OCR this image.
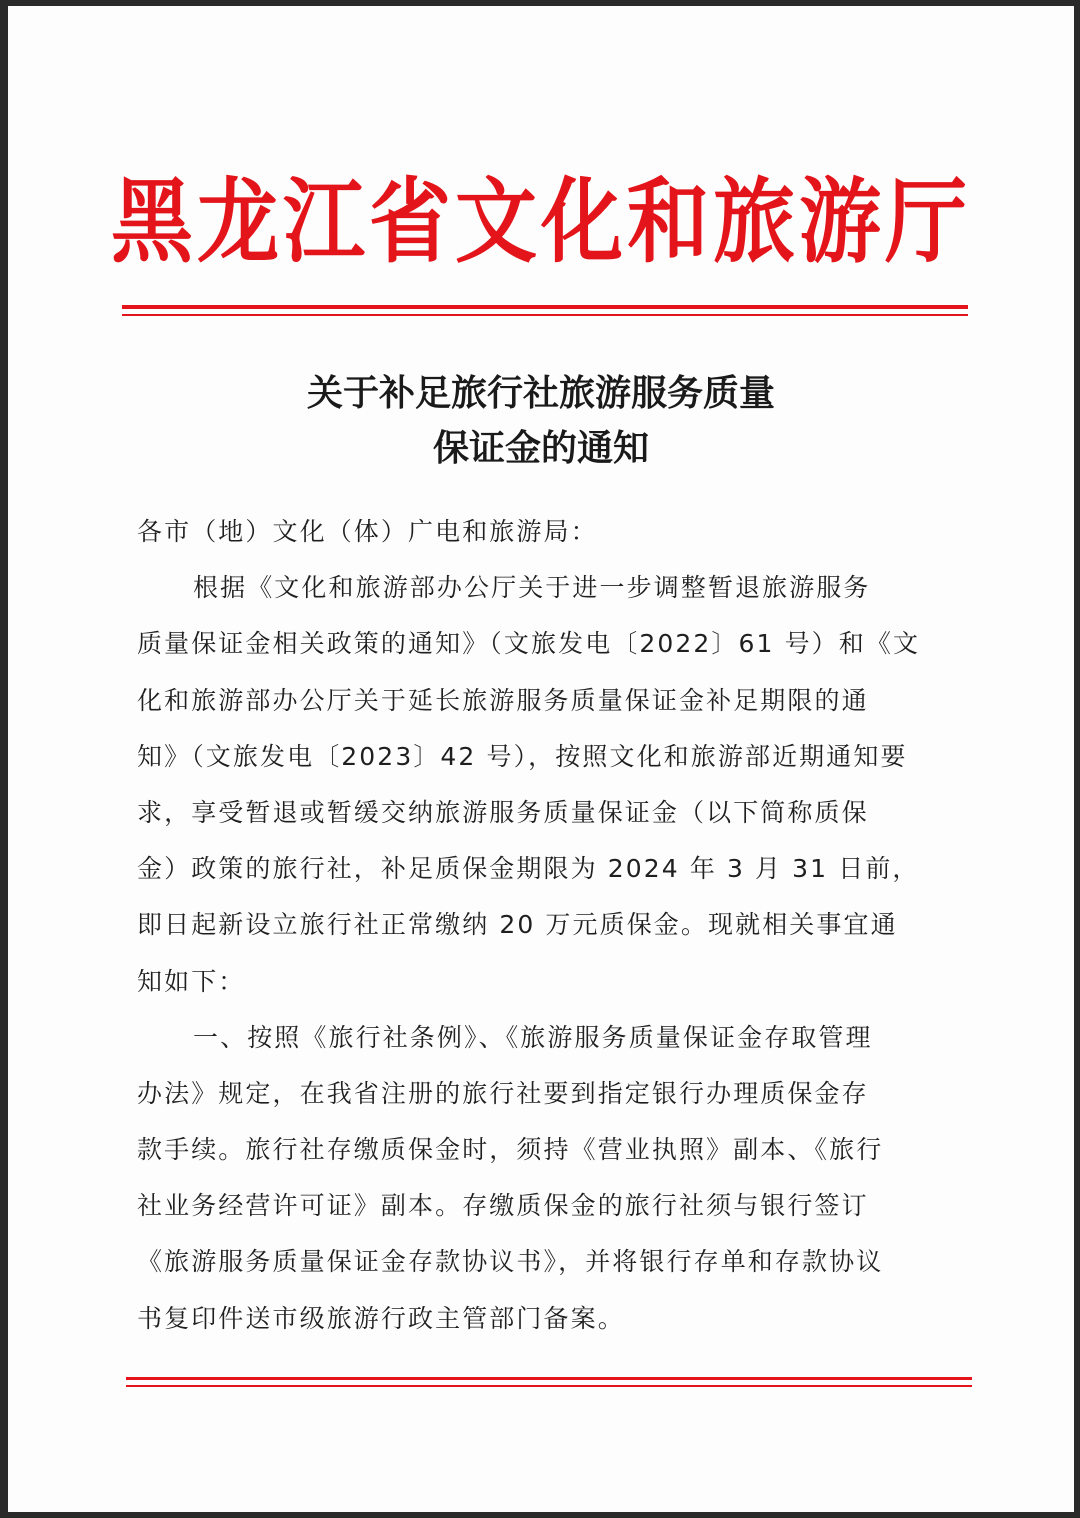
黑龙江省文化和旅游厅
关于补足旅行社旅游服务质量
保证金的通知
各市（地）文化（体）广电和旅游局：
根据《文化和旅游部办公厅关于进一步调整暂退旅游服务
质量保证金相关政策的通知》（文旅发电〔2022〕61 号）和《文
化和旅游部办公厅关于延长旅游服务质量保证金补足期限的通
知》（文旅发电〔2023〕42 号），按照文化和旅游部近期通知要
求，享受暂退或暂缓交纳旅游服务质量保证金（以下简称质保
金）政策的旅行社，补足质保金期限为 2024 年 3 月 31 日前，
即日起新设立旅行社正常缴纳 20 万元质保金。现就相关事宜通
知如下：
一、按照《旅行社条例》、《旅游服务质量保证金存取管理
办法》规定，在我省注册的旅行社要到指定银行办理质保金存
款手续。旅行社存缴质保金时，须持《营业执照》副本、《旅行
社业务经营许可证》副本。存缴质保金的旅行社须与银行签订
《旅游服务质量保证金存款协议书》，并将银行存单和存款协议
书复印件送市级旅游行政主管部门备案。
